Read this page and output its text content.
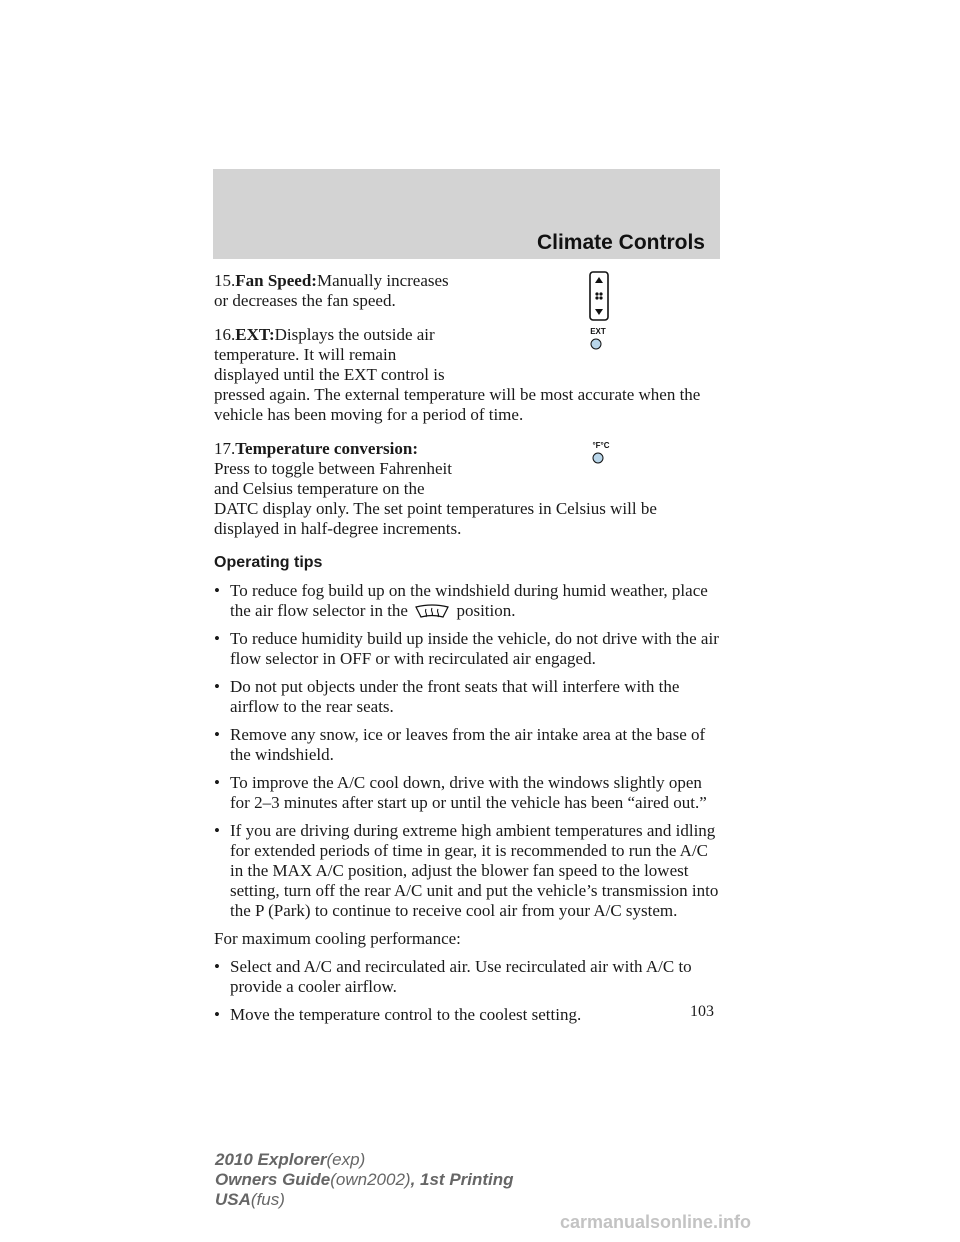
Climate Controls

15.Fan Speed:Manually increases
or decreases the fan speed.

16.EXT:Displays the outside air
temperature. It will remain
displayed until the EXT control is
pressed again. The external temperature will be most accurate when the vehicle has been moving for a period of time.

EXT

17.Temperature conversion:
Press to toggle between Fahrenheit
and Celsius temperature on the
DATC display only. The set point temperatures in Celsius will be displayed in half-degree increments.

°F°C
Operating tips
• To reduce fog build up on the windshield during humid weather, place the air flow selector in the	position.
• To reduce humidity build up inside the vehicle, do not drive with the air flow selector in OFF or with recirculated air engaged.
• Do not put objects under the front seats that will interfere with the airflow to the rear seats.
• Remove any snow, ice or leaves from the air intake area at the base of the windshield.
• To improve the A/C cool down, drive with the windows slightly open for 2–3 minutes after start up or until the vehicle has been “aired out.”
• If you are driving during extreme high ambient temperatures and idling for extended periods of time in gear, it is recommended to run the A/C in the MAX A/C position, adjust the blower fan speed to the lowest setting, turn off the rear A/C unit and put the vehicle’s transmission into the P (Park) to continue to receive cool air from your A/C system.

For maximum cooling performance:

• Select and A/C and recirculated air. Use recirculated air with A/C to provide a cooler airflow.
• Move the temperature control to the coolest setting.	103
2010 Explorer(exp)
Owners Guide(own2002), 1st Printing
USA(fus)
carmanualsonline.info
